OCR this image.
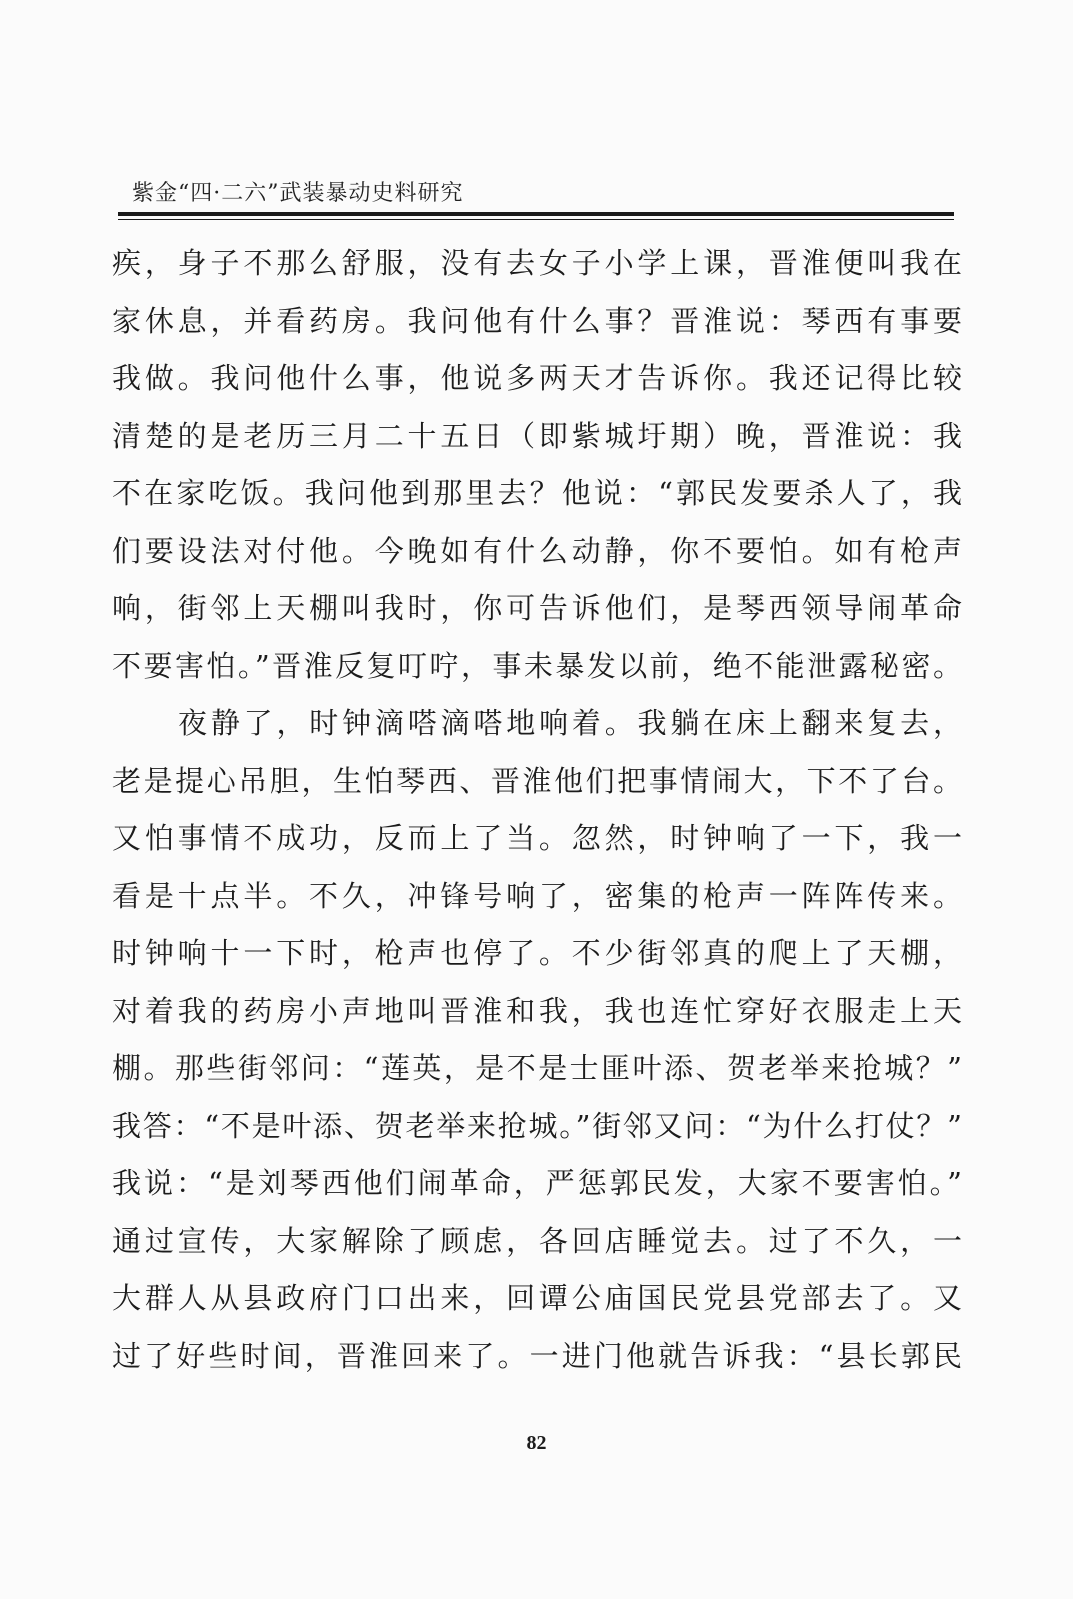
紫金“四·二六”武装暴动史料研究
疾，身子不那么舒服，没有去女子小学上课，晋淮便叫我在
家休息，并看药房。我问他有什么事？晋淮说：琴西有事要
我做。我问他什么事，他说多两天才告诉你。我还记得比较
清楚的是老历三月二十五日（即紫城圩期）晚，晋淮说：我
不在家吃饭。我问他到那里去？他说：“郭民发要杀人了，我
们要设法对付他。今晚如有什么动静，你不要怕。如有枪声
响，街邻上天棚叫我时，你可告诉他们，是琴西领导闹革命
不要害怕。”晋淮反复叮咛，事未暴发以前，绝不能泄露秘密。
夜静了，时钟滴嗒滴嗒地响着。我躺在床上翻来复去，
老是提心吊胆，生怕琴西、晋淮他们把事情闹大，下不了台。
又怕事情不成功，反而上了当。忽然，时钟响了一下，我一
看是十点半。不久，冲锋号响了，密集的枪声一阵阵传来。
时钟响十一下时，枪声也停了。不少街邻真的爬上了天棚，
对着我的药房小声地叫晋淮和我，我也连忙穿好衣服走上天
棚。那些街邻问：“莲英，是不是士匪叶添、贺老举来抢城？”
我答：“不是叶添、贺老举来抢城。”街邻又问：“为什么打仗？”
我说：“是刘琴西他们闹革命，严惩郭民发，大家不要害怕。”
通过宣传，大家解除了顾虑，各回店睡觉去。过了不久，一
大群人从县政府门口出来，回谭公庙国民党县党部去了。又
过了好些时间，晋淮回来了。一进门他就告诉我：“县长郭民
82
